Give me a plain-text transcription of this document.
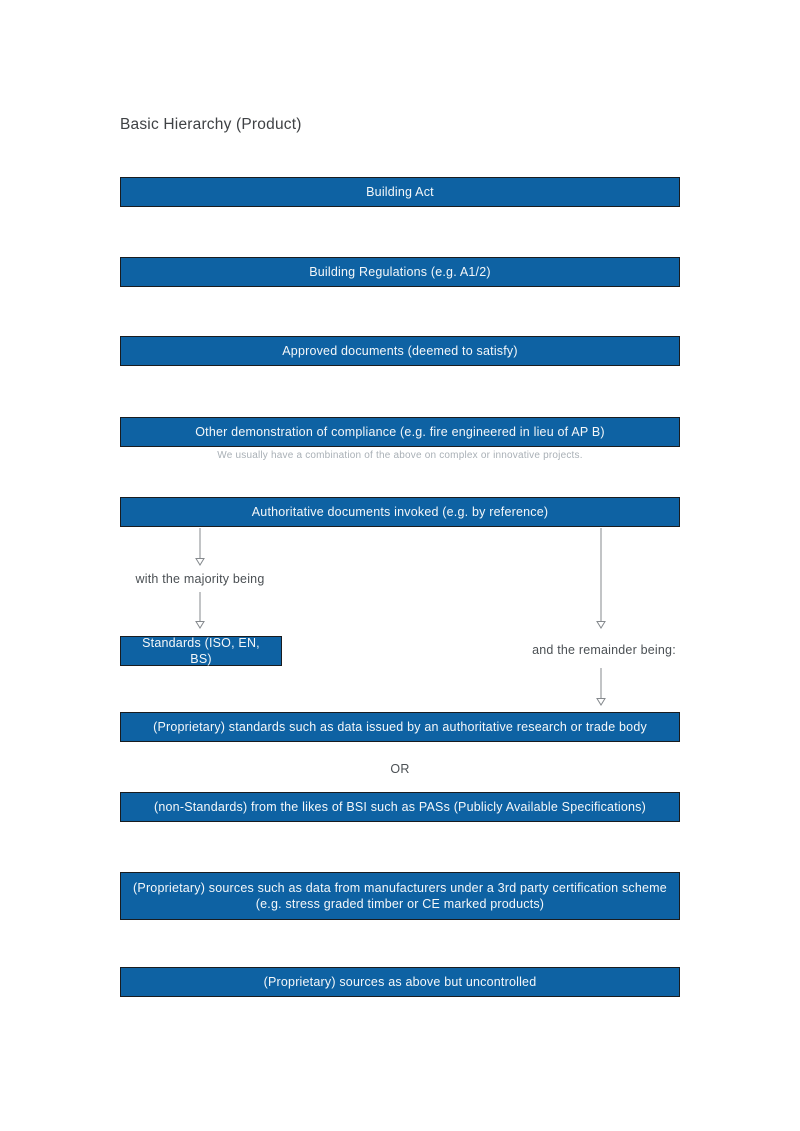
Basic Hierarchy (Product)
Building Act
Building Regulations (e.g. A1/2)
Approved documents (deemed to satisfy)
Other demonstration of compliance (e.g. fire engineered in lieu of AP B)
We usually have a combination of the above on complex or innovative projects.
Authoritative documents invoked (e.g. by reference)
with the majority being
Standards (ISO, EN, BS)
and the remainder being:
(Proprietary) standards such as data issued by an authoritative research or trade body
OR
(non-Standards) from the likes of BSI such as PASs (Publicly Available Specifications)
(Proprietary) sources such as data from manufacturers under a 3rd party certification scheme (e.g. stress graded timber or CE marked products)
(Proprietary) sources as above but uncontrolled
